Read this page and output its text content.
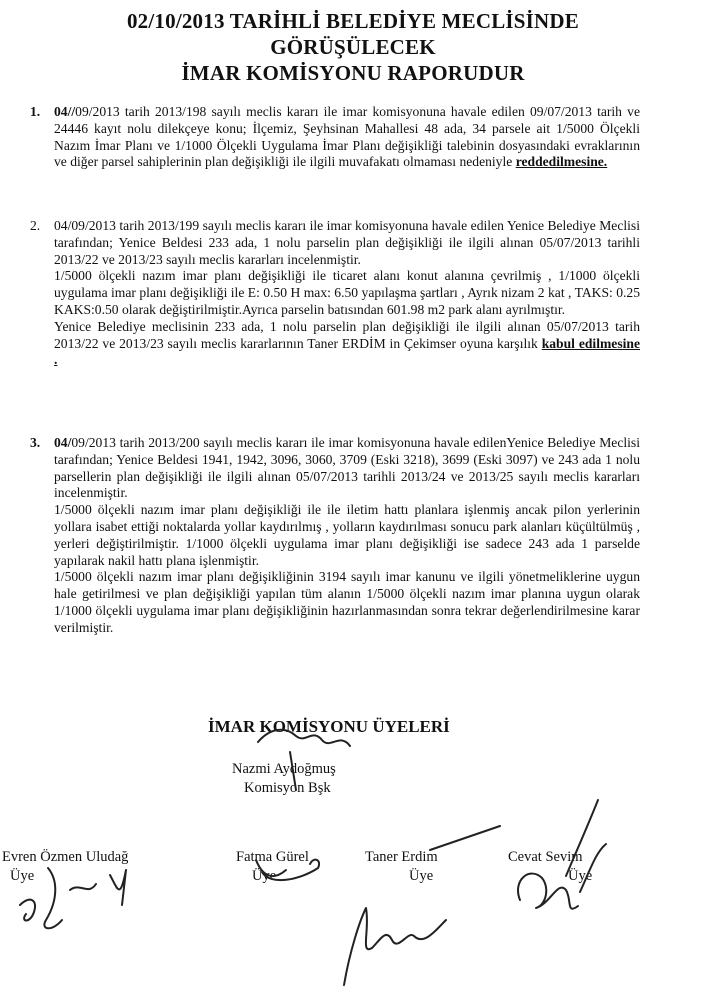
02/10/2013 TARİHLİ BELEDİYE MECLİSİNDE
GÖRÜŞÜLECEK
İMAR KOMİSYONU RAPORUDUR
1.	04//09/2013 tarih 2013/198 sayılı meclis kararı ile imar komisyonuna havale edilen 09/07/2013 tarih ve 24446 kayıt nolu dilekçeye konu; İlçemiz, Şeyhsinan Mahallesi 48 ada, 34 parsele ait 1/5000 Ölçekli Nazım İmar Planı ve 1/1000 Ölçekli Uygulama İmar Planı değişikliği talebinin dosyasındaki evraklarının ve diğer parsel sahiplerinin plan değişikliği ile ilgili muvafakatı olmaması nedeniyle reddedilmesine.

2.	04/09/2013 tarih 2013/199 sayılı meclis kararı ile imar komisyonuna havale edilen Yenice Belediye Meclisi tarafından; Yenice Beldesi 233 ada, 1 nolu parselin plan değişikliği ile ilgili alınan 05/07/2013 tarihli 2013/22 ve 2013/23 sayılı meclis kararları incelenmiştir.

1/5000 ölçekli nazım imar planı değişikliği ile ticaret alanı konut alanına çevrilmiş , 1/1000 ölçekli uygulama imar planı değişikliği ile E: 0.50 H max: 6.50 yapılaşma şartları , Ayrık nizam 2 kat , TAKS: 0.25 KAKS:0.50 olarak değiştirilmiştir.Ayrıca parselin batısından 601.98 m2 park alanı ayrılmıştır.

Yenice Belediye meclisinin 233 ada, 1 nolu parselin plan değişikliği ile ilgili alınan 05/07/2013 tarih 2013/22 ve 2013/23 sayılı meclis kararlarının Taner ERDİM in Çekimser oyuna karşılık kabul edilmesine .

3.	04/09/2013 tarih 2013/200 sayılı meclis kararı ile imar komisyonuna havale edilenYenice Belediye Meclisi tarafından; Yenice Beldesi 1941, 1942, 3096, 3060, 3709 (Eski 3218), 3699 (Eski 3097) ve 243 ada 1 nolu parsellerin plan değişikliği ile ilgili alınan 05/07/2013 tarihli 2013/24 ve 2013/25 sayılı meclis kararları incelenmiştir.

1/5000 ölçekli nazım imar planı değişikliği ile ile iletim hattı planlara işlenmiş ancak pilon yerlerinin yollara isabet ettiği noktalarda yollar kaydırılmış , yolların kaydırılması sonucu park alanları küçültülmüş , yerleri değiştirilmiştir. 1/1000 ölçekli uygulama imar planı değişikliği ise sadece 243 ada 1 parselde yapılarak nakil hattı plana işlenmiştir.

1/5000 ölçekli nazım imar planı değişikliğinin 3194 sayılı imar kanunu ve ilgili yönetmeliklerine uygun hale getirilmesi ve plan değişikliği yapılan tüm alanın 1/5000 ölçekli nazım imar planına uygun olarak 1/1000 ölçekli uygulama imar planı değişikliğinin hazırlanmasından sonra tekrar değerlendirilmesine karar verilmiştir.

İMAR KOMİSYONU ÜYELERİ
Nazmi Aydoğmuş
Komisyon Bşk
Evren Özmen Uludağ
Üye
Fatma Gürel
Üye
Taner Erdim
Üye
Cevat Sevim
Üye
